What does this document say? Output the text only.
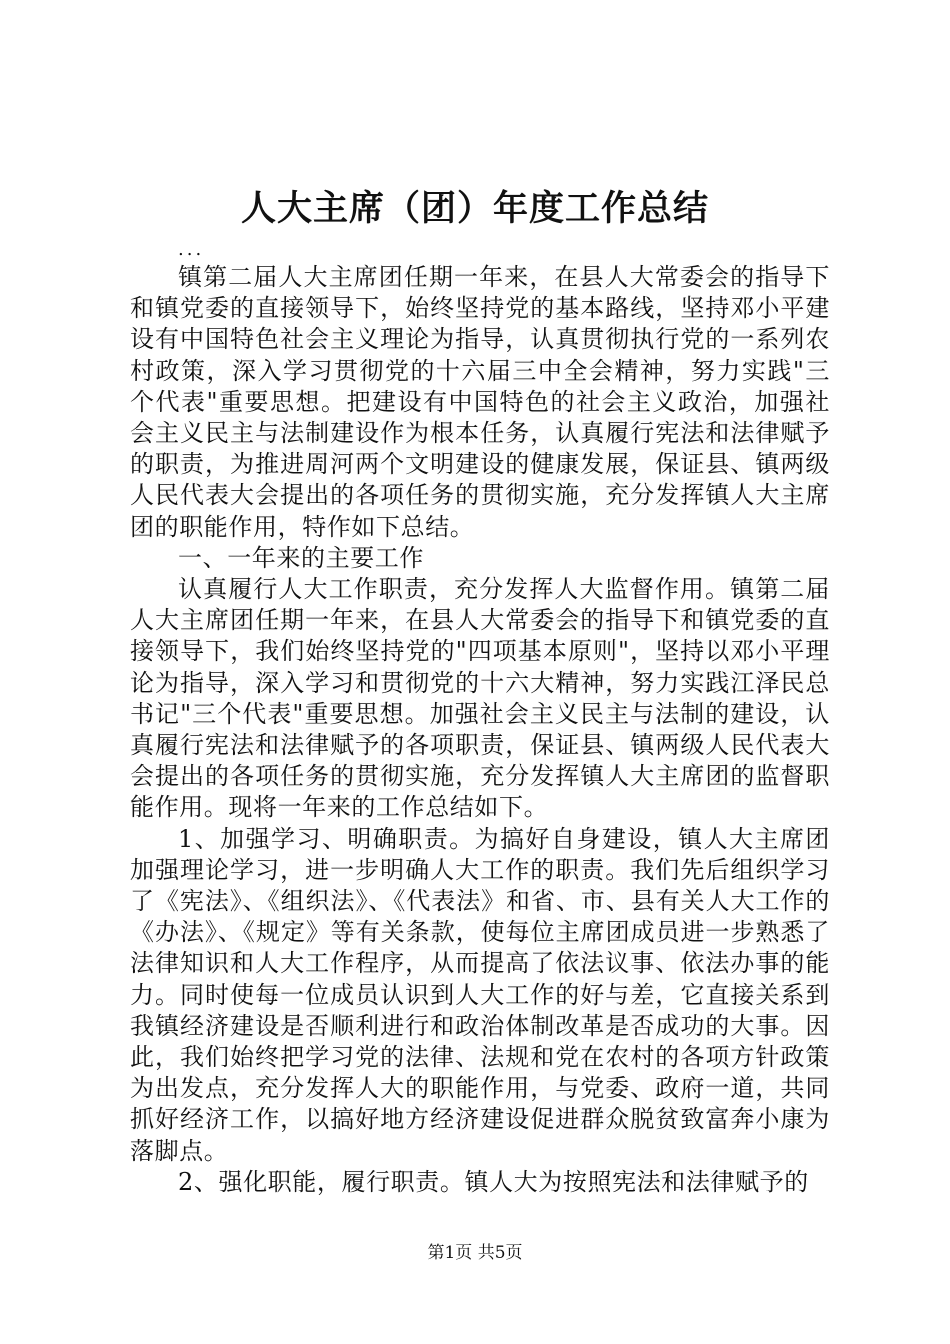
人大主席（团）年度工作总结
...

镇第二届人大主席团任期一年来，在县人大常委会的指导下和镇党委的直接领导下，始终坚持党的基本路线，坚持邓小平建设有中国特色社会主义理论为指导，认真贯彻执行党的一系列农村政策，深入学习贯彻党的十六届三中全会精神，努力实践"三个代表"重要思想。把建设有中国特色的社会主义政治，加强社会主义民主与法制建设作为根本任务，认真履行宪法和法律赋予的职责，为推进周河两个文明建设的健康发展，保证县、镇两级人民代表大会提出的各项任务的贯彻实施，充分发挥镇人大主席团的职能作用，特作如下总结。

一、一年来的主要工作

认真履行人大工作职责，充分发挥人大监督作用。镇第二届人大主席团任期一年来，在县人大常委会的指导下和镇党委的直接领导下，我们始终坚持党的"四项基本原则"，坚持以邓小平理论为指导，深入学习和贯彻党的十六大精神，努力实践江泽民总书记"三个代表"重要思想。加强社会主义民主与法制的建设，认真履行宪法和法律赋予的各项职责，保证县、镇两级人民代表大会提出的各项任务的贯彻实施，充分发挥镇人大主席团的监督职能作用。现将一年来的工作总结如下。

1、加强学习、明确职责。为搞好自身建设，镇人大主席团加强理论学习，进一步明确人大工作的职责。我们先后组织学习了《宪法》、《组织法》、《代表法》和省、市、县有关人大工作的《办法》、《规定》等有关条款，使每位主席团成员进一步熟悉了法律知识和人大工作程序，从而提高了依法议事、依法办事的能力。同时使每一位成员认识到人大工作的好与差，它直接关系到我镇经济建设是否顺利进行和政治体制改革是否成功的大事。因此，我们始终把学习党的法律、法规和党在农村的各项方针政策为出发点，充分发挥人大的职能作用，与党委、政府一道，共同抓好经济工作，以搞好地方经济建设促进群众脱贫致富奔小康为落脚点。

2、强化职能，履行职责。镇人大为按照宪法和法律赋予的

第1页 共5页
